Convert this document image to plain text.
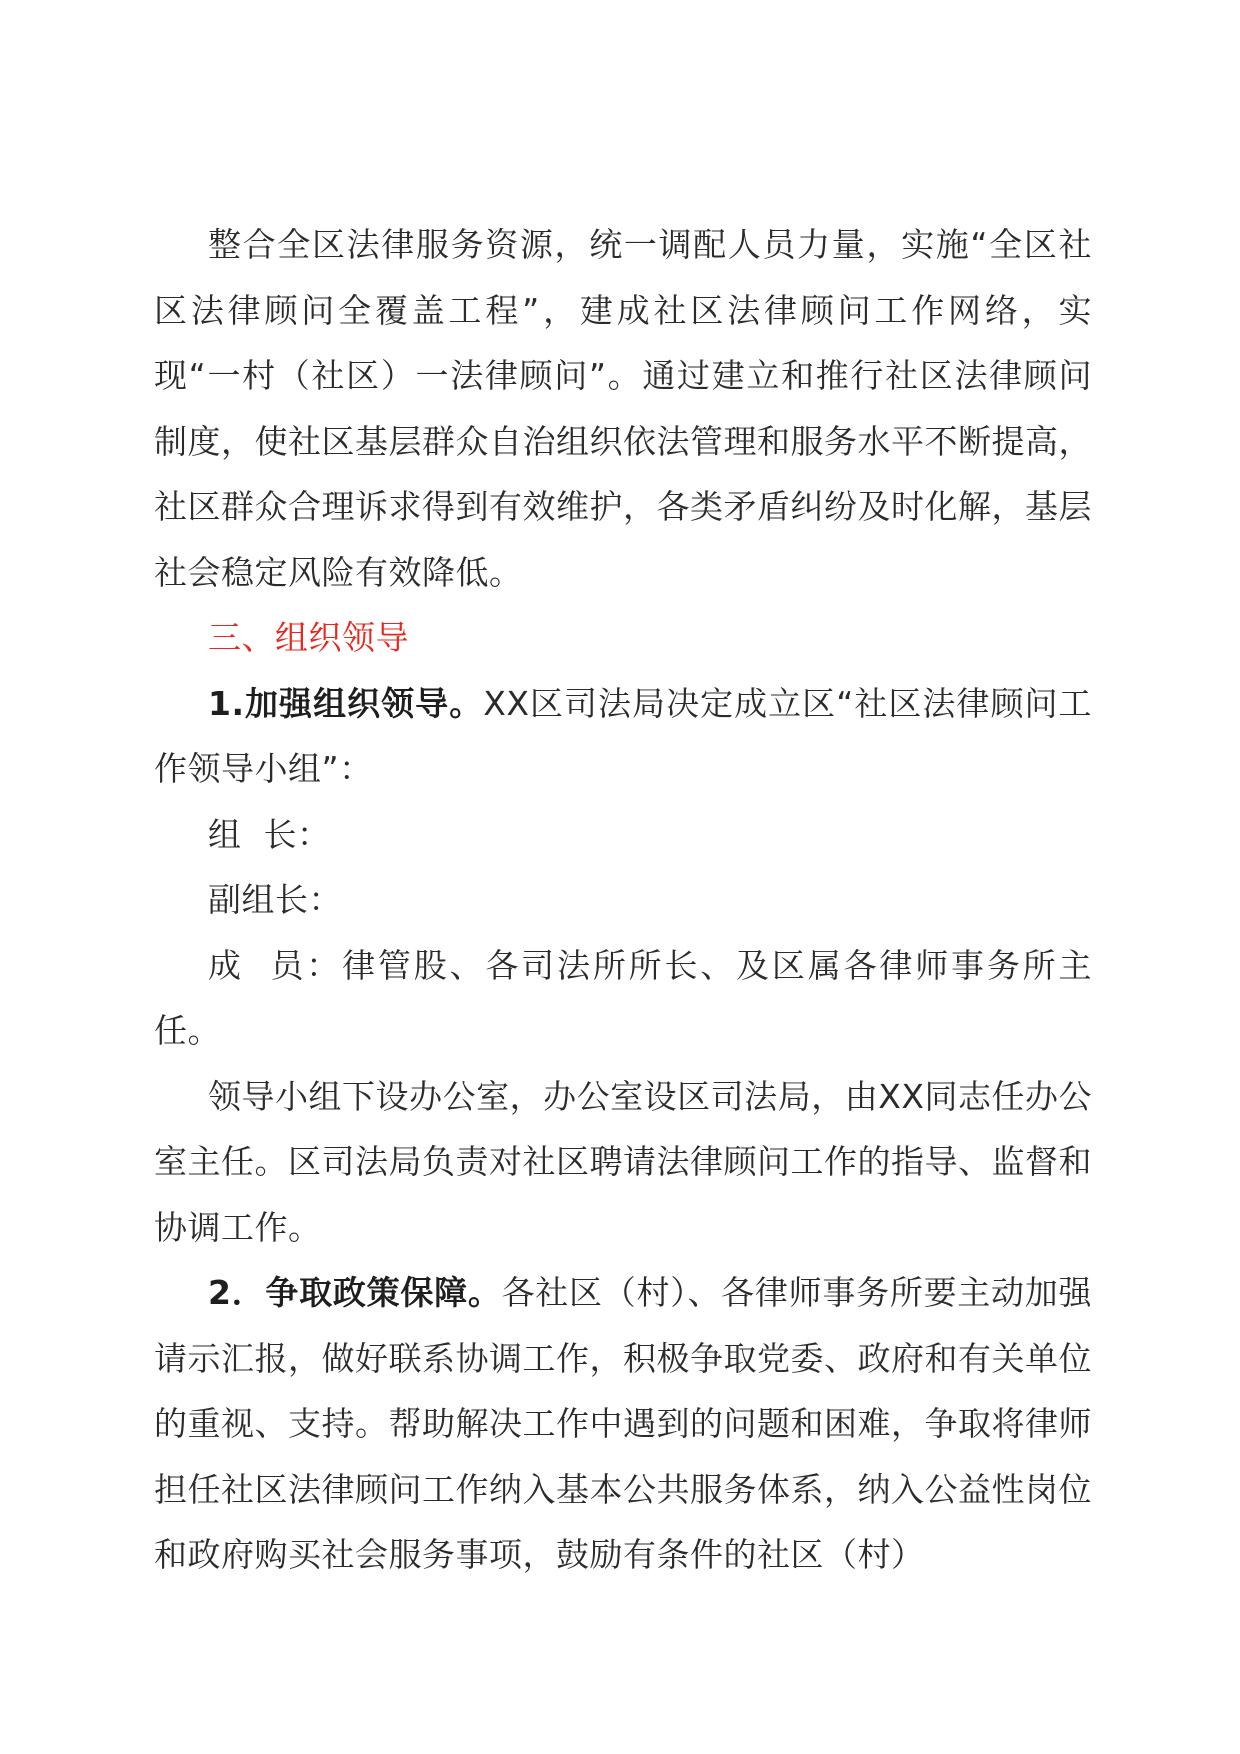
整合全区法律服务资源，统一调配人员力量，实施“全区社区法律顾问全覆盖工程”，建成社区法律顾问工作网络，实现“一村（社区）一法律顾问”。通过建立和推行社区法律顾问制度，使社区基层群众自治组织依法管理和服务水平不断提高，社区群众合理诉求得到有效维护，各类矛盾纠纷及时化解，基层社会稳定风险有效降低。

三、组织领导

1.加强组织领导。XX区司法局决定成立区“社区法律顾问工作领导小组”：

组  长：

副组长：

成  员：律管股、各司法所所长、及区属各律师事务所主任。

领导小组下设办公室，办公室设区司法局，由XX同志任办公室主任。区司法局负责对社区聘请法律顾问工作的指导、监督和协调工作。

2．争取政策保障。各社区（村）、各律师事务所要主动加强请示汇报，做好联系协调工作，积极争取党委、政府和有关单位的重视、支持。帮助解决工作中遇到的问题和困难，争取将律师担任社区法律顾问工作纳入基本公共服务体系，纳入公益性岗位和政府购买社会服务事项，鼓励有条件的社区（村）
